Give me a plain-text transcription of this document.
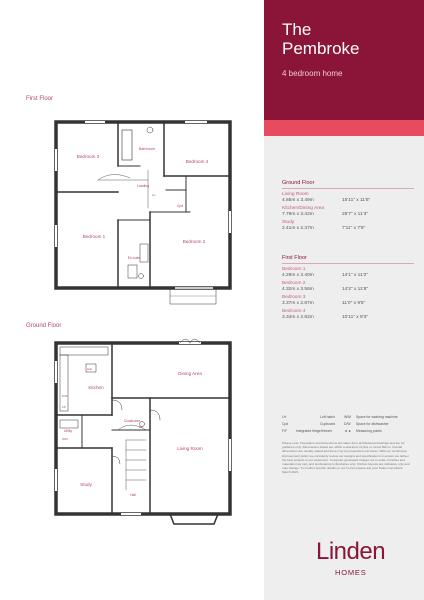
First Floor
Ground Floor
Bedroom 3
Bathroom
Bedroom 4
Landing
Cpd
Bedroom 1
Bedroom 2
En-suite
Dining Area
Kitchen
Utility
Cloakroom
Living Room
Study
Hall
W/M
D/W
Hob
F/F
WC
LH
The
Pembroke
4 bedroom home
Ground Floor
Living Room
4.85m x 3.49m	15'11" x 11'5"
Kitchen/Dining Area
7.79m x 3.42m	25'7" x 11'3"
Study
2.41m x 2.37m	7'11" x 7'9"
First Floor
Bedroom 1
4.29m x 3.40m	14'1" x 11'2"
Bedroom 2
4.32m x 3.56m	14'2" x 11'8"
Bedroom 3
3.37m x 2.87m	11'0" x 9'5"
Bedroom 4
3.34m x 2.82m	10'11" x 9'3"
LH	Loft hatch	W/M Space for washing machine
Cpd	Cupboard	D/W Space for dishwasher
F/F	Integrated fridge/freezer	◄ ► Measuring points
Please note: Floorplans and dimensions are taken from architectural drawings and are for guidance only. Dimensions stated are within a tolerance of plus or minus 50mm. Overall dimensions are usually stated and there may be projections into these. With our continuous improvement policy we constantly review our designs and specifications to ensure we deliver the best product to our customers. Computer generated images not to scale. Finishes and materials may vary and landscaping is illustrative only. Kitchen layouts are indicative only and may change. To confirm specific details on our homes please ask your Sales Consultant. March 2021.
Linden
HOMES
